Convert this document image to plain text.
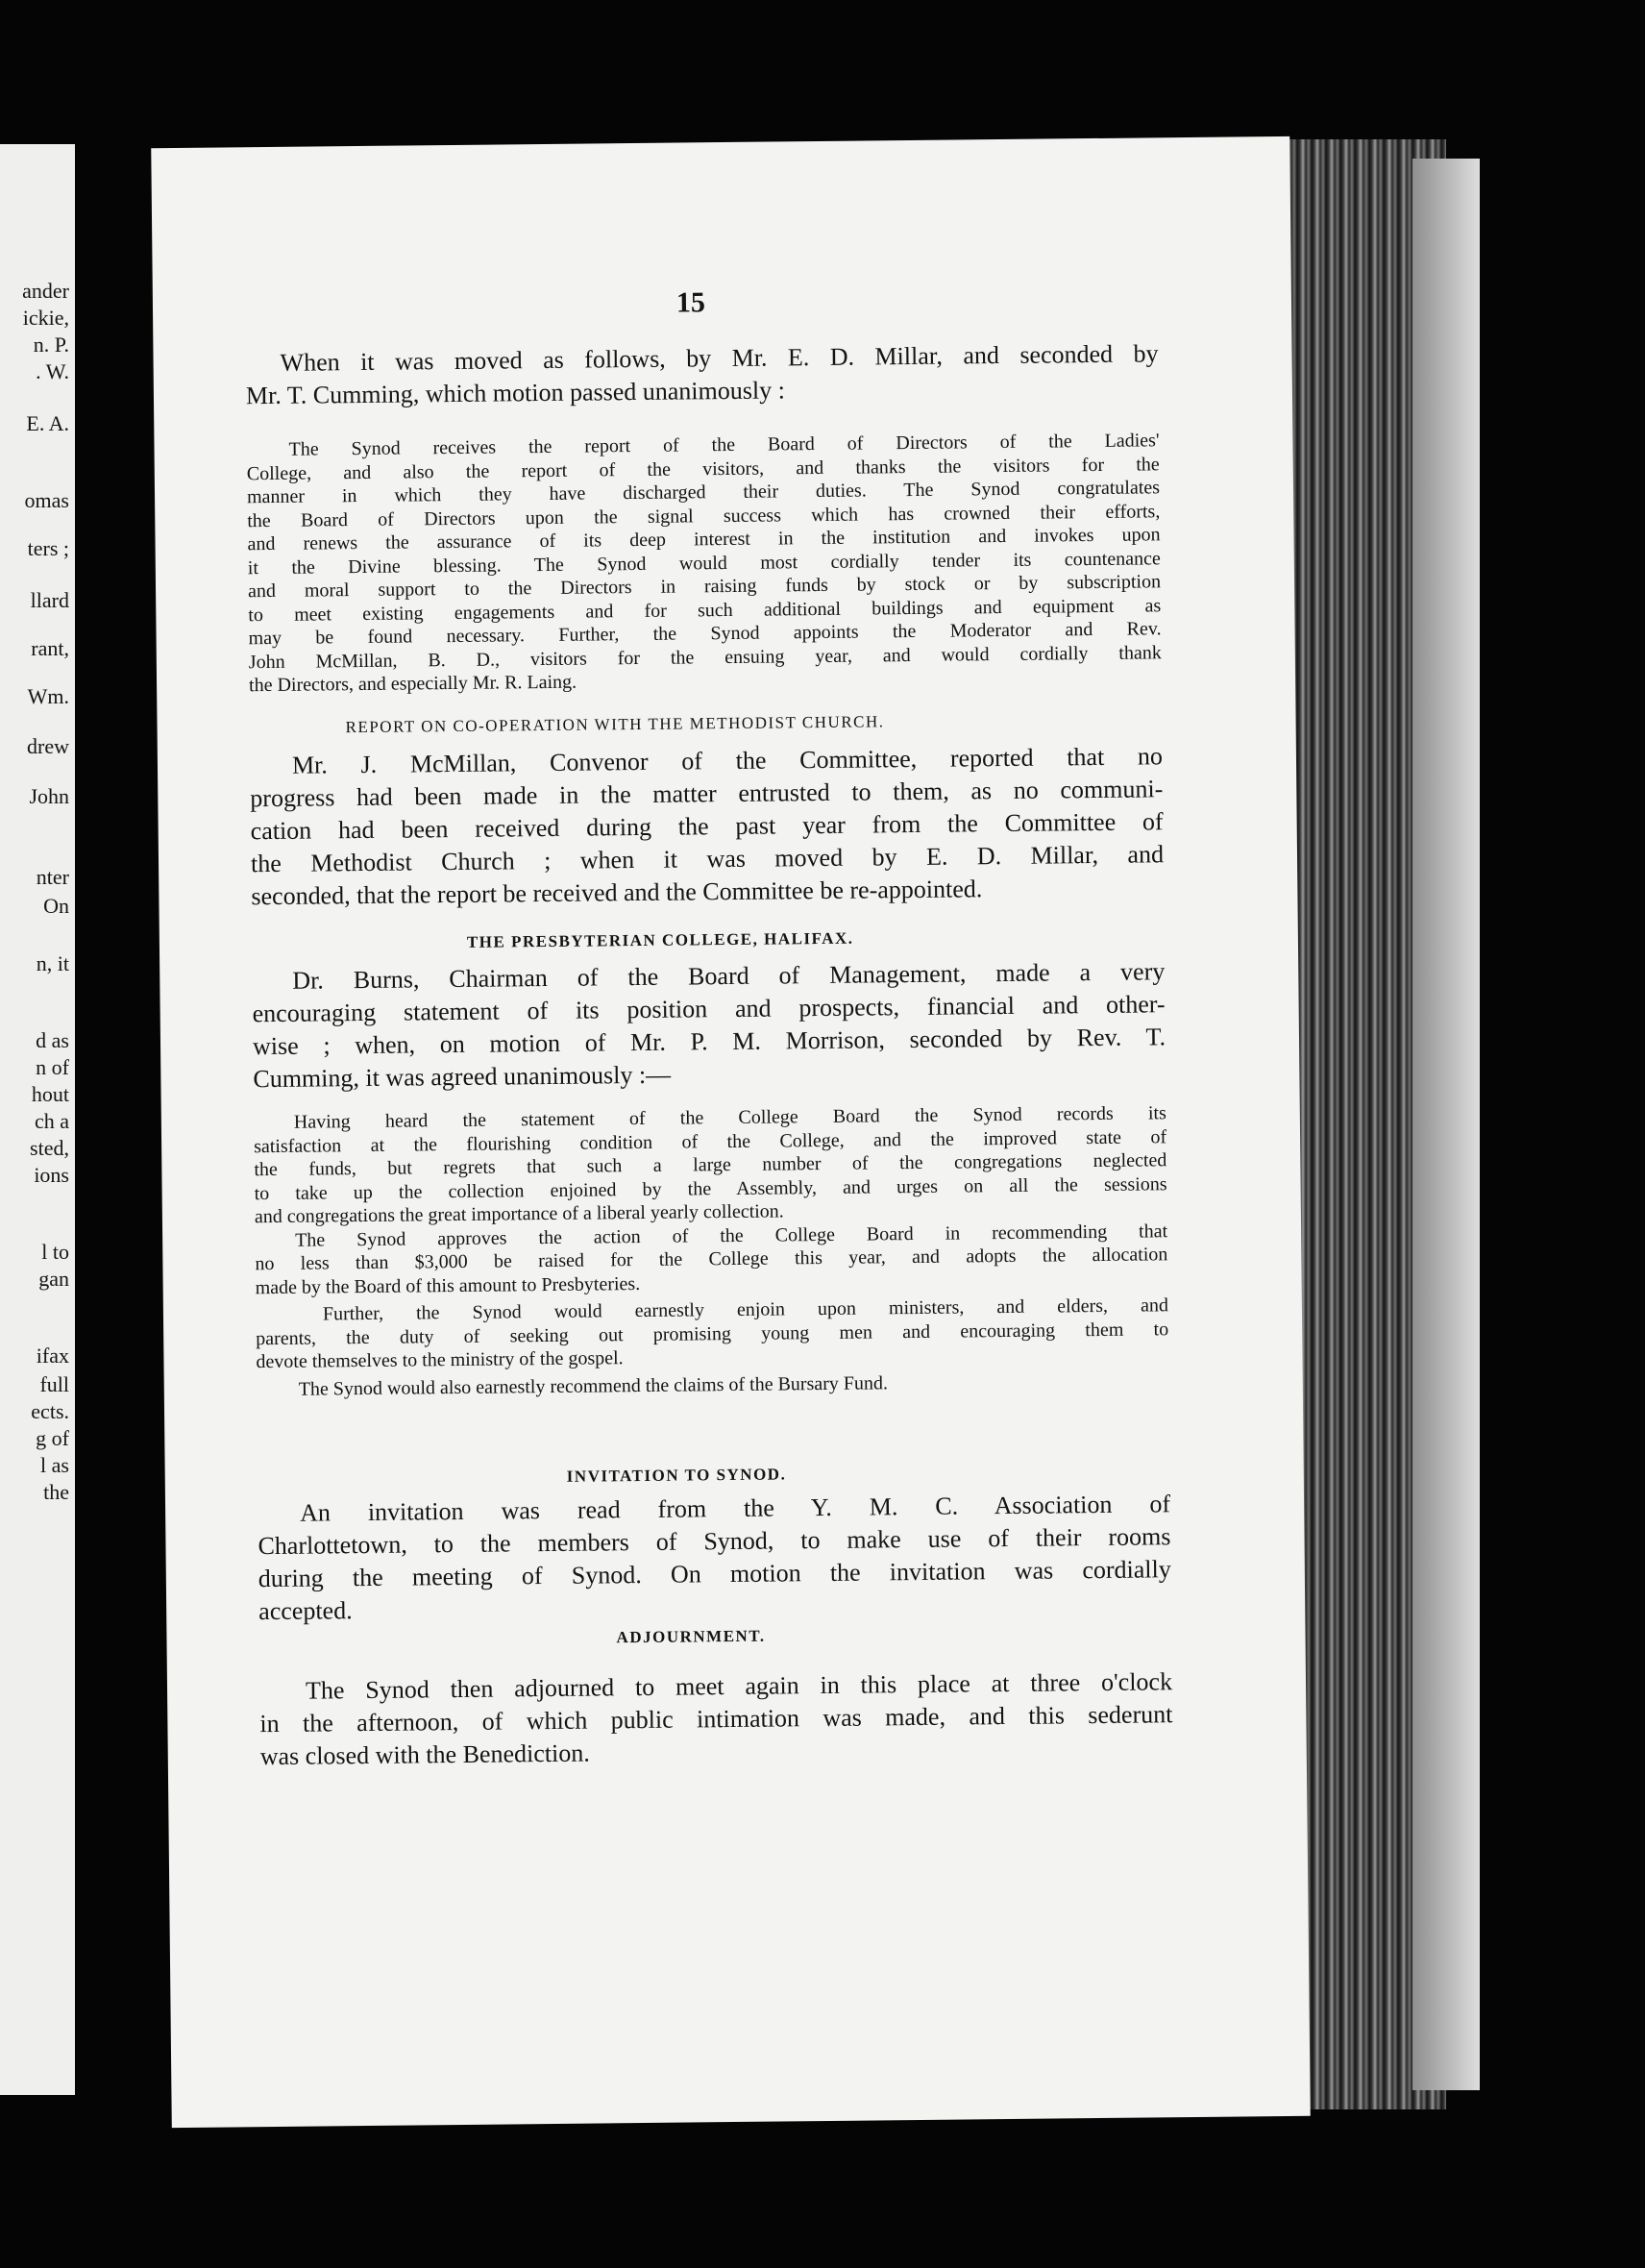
ander
ickie,
n. P.
. W.
E. A.
omas
ters ;
llard
rant,
Wm.
drew
John
nter
On
n, it
d as
n of
hout
ch a
sted,
ions
l to
gan
ifax
full
ects.
g of
l as
the
15
When it was moved as follows, by Mr. E. D. Millar, and seconded by
Mr. T. Cumming, which motion passed unanimously :
The Synod receives the report of the Board of Directors of the Ladies'
College, and also the report of the visitors, and thanks the visitors for the
manner in which they have discharged their duties. The Synod congratulates
the Board of Directors upon the signal success which has crowned their efforts,
and renews the assurance of its deep interest in the institution and invokes upon
it the Divine blessing. The Synod would most cordially tender its countenance
and moral support to the Directors in raising funds by stock or by subscription
to meet existing engagements and for such additional buildings and equipment as
may be found necessary. Further, the Synod appoints the Moderator and Rev.
John McMillan, B. D., visitors for the ensuing year, and would cordially thank
the Directors, and especially Mr. R. Laing.
REPORT ON CO-OPERATION WITH THE METHODIST CHURCH.
Mr. J. McMillan, Convenor of the Committee, reported that no
progress had been made in the matter entrusted to them, as no communi-
cation had been received during the past year from the Committee of
the Methodist Church ; when it was moved by E. D. Millar, and
seconded, that the report be received and the Committee be re-appointed.
THE PRESBYTERIAN COLLEGE, HALIFAX.
Dr. Burns, Chairman of the Board of Management, made a very
encouraging statement of its position and prospects, financial and other-
wise ; when, on motion of Mr. P. M. Morrison, seconded by Rev. T.
Cumming, it was agreed unanimously :—
Having heard the statement of the College Board the Synod records its
satisfaction at the flourishing condition of the College, and the improved state of
the funds, but regrets that such a large number of the congregations neglected
to take up the collection enjoined by the Assembly, and urges on all the sessions
and congregations the great importance of a liberal yearly collection.
The Synod approves the action of the College Board in recommending that
no less than $3,000 be raised for the College this year, and adopts the allocation
made by the Board of this amount to Presbyteries.
Further, the Synod would earnestly enjoin upon ministers, and elders, and
parents, the duty of seeking out promising young men and encouraging them to
devote themselves to the ministry of the gospel.
The Synod would also earnestly recommend the claims of the Bursary Fund.
INVITATION TO SYNOD.
An invitation was read from the Y. M. C. Association of
Charlottetown, to the members of Synod, to make use of their rooms
during the meeting of Synod. On motion the invitation was cordially
accepted.
ADJOURNMENT.
The Synod then adjourned to meet again in this place at three o'clock
in the afternoon, of which public intimation was made, and this sederunt
was closed with the Benediction.
